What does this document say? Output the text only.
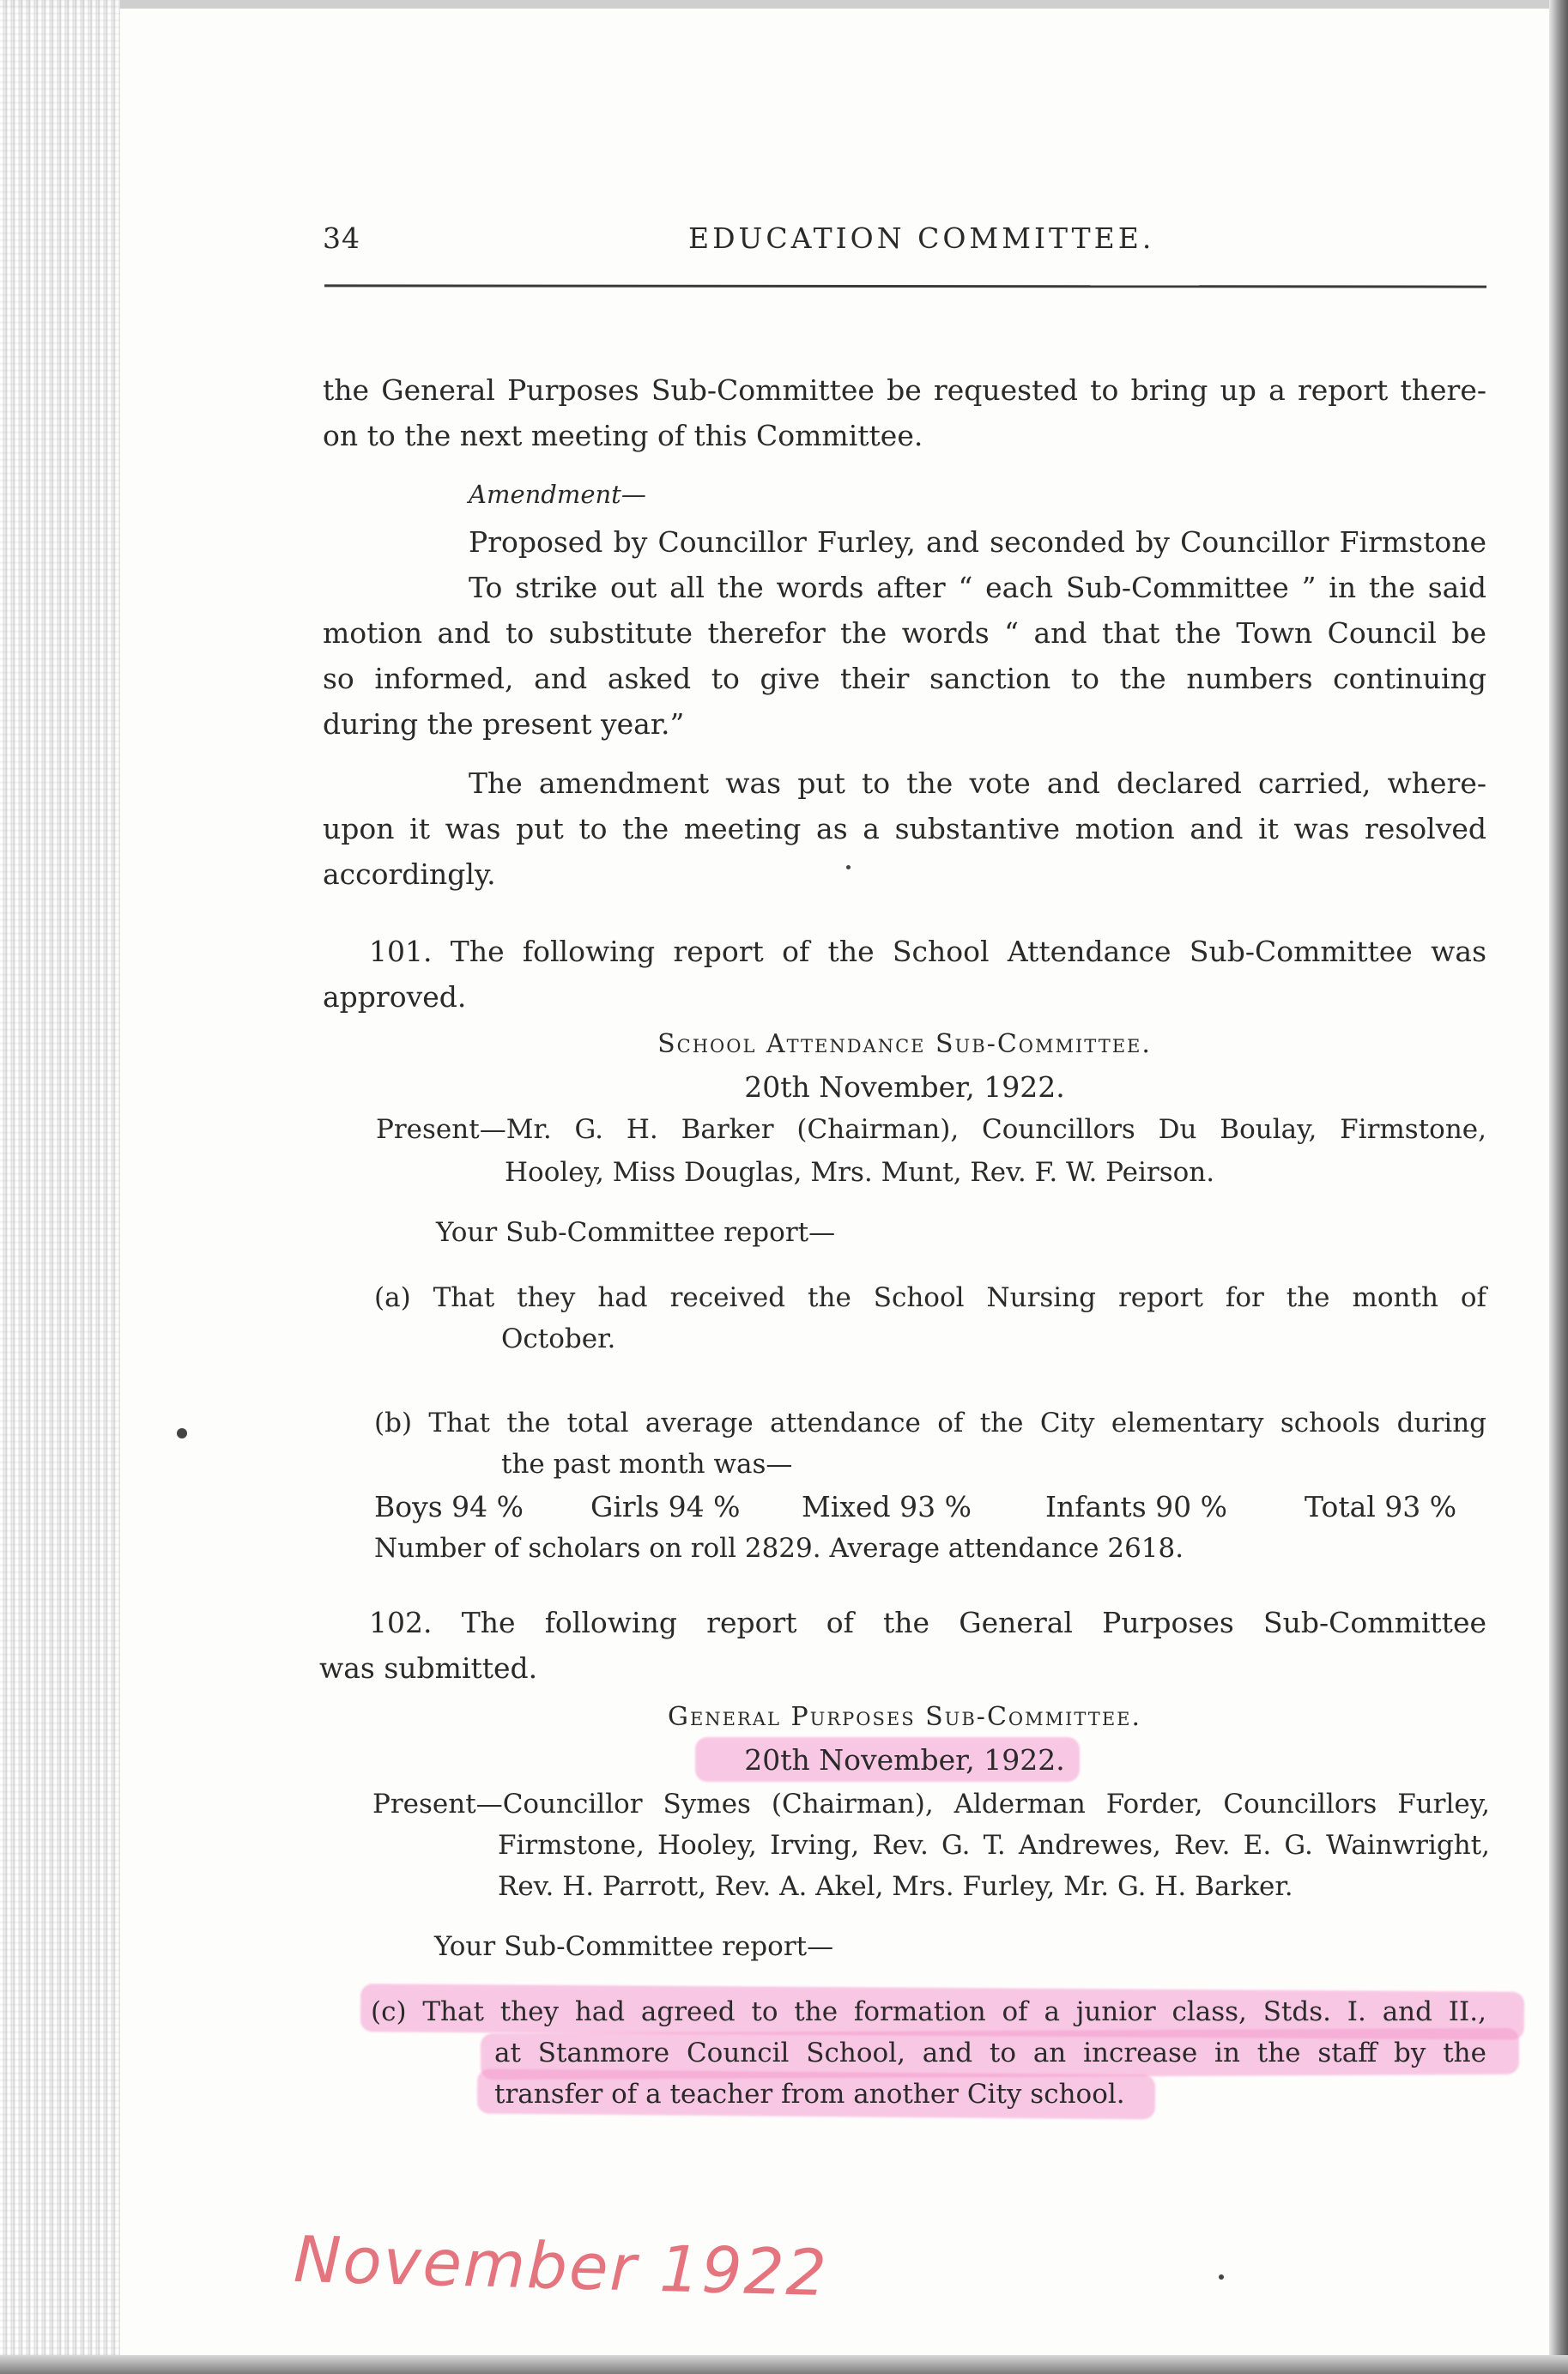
34	EDUCATION COMMITTEE.

the General Purposes Sub-Committee be requested to bring up a report there-

on to the next meeting of this Committee.

Amendment—

Proposed by Councillor Furley, and seconded by Councillor Firmstone

To strike out all the words after “ each Sub-Committee ” in the said

motion and to substitute therefor the words “ and that the Town Council be

so informed, and asked to give their sanction to the numbers continuing

during the present year.”

The amendment was put to the vote and declared carried, where-

upon it was put to the meeting as a substantive motion and it was resolved

accordingly.

101. The following report of the School Attendance Sub-Committee was

approved.

School Attendance Sub-Committee.

20th November, 1922.

Present—Mr. G. H. Barker (Chairman), Councillors Du Boulay, Firmstone,

Hooley, Miss Douglas, Mrs. Munt, Rev. F. W. Peirson.

Your Sub-Committee report—

(a) That they had received the School Nursing report for the month of

October.

(b) That the total average attendance of the City elementary schools during

the past month was—

Boys 94 % Girls 94 % Mixed 93 %	Infants 90 %	Total 93 %

Number of scholars on roll 2829. Average attendance 2618.

102. The following report of the General Purposes Sub-Committee

was submitted.

General Purposes Sub-Committee.

20th November, 1922.

Present—Councillor Symes (Chairman), Alderman Forder, Councillors Furley,

Firmstone, Hooley, Irving, Rev. G. T. Andrewes, Rev. E. G. Wainwright,

Rev. H. Parrott, Rev. A. Akel, Mrs. Furley, Mr. G. H. Barker.

Your Sub-Committee report—

(c) That they had agreed to the formation of a junior class, Stds. I. and II.,

at Stanmore Council School, and to an increase in the staff by the

transfer of a teacher from another City school.

November 1922
